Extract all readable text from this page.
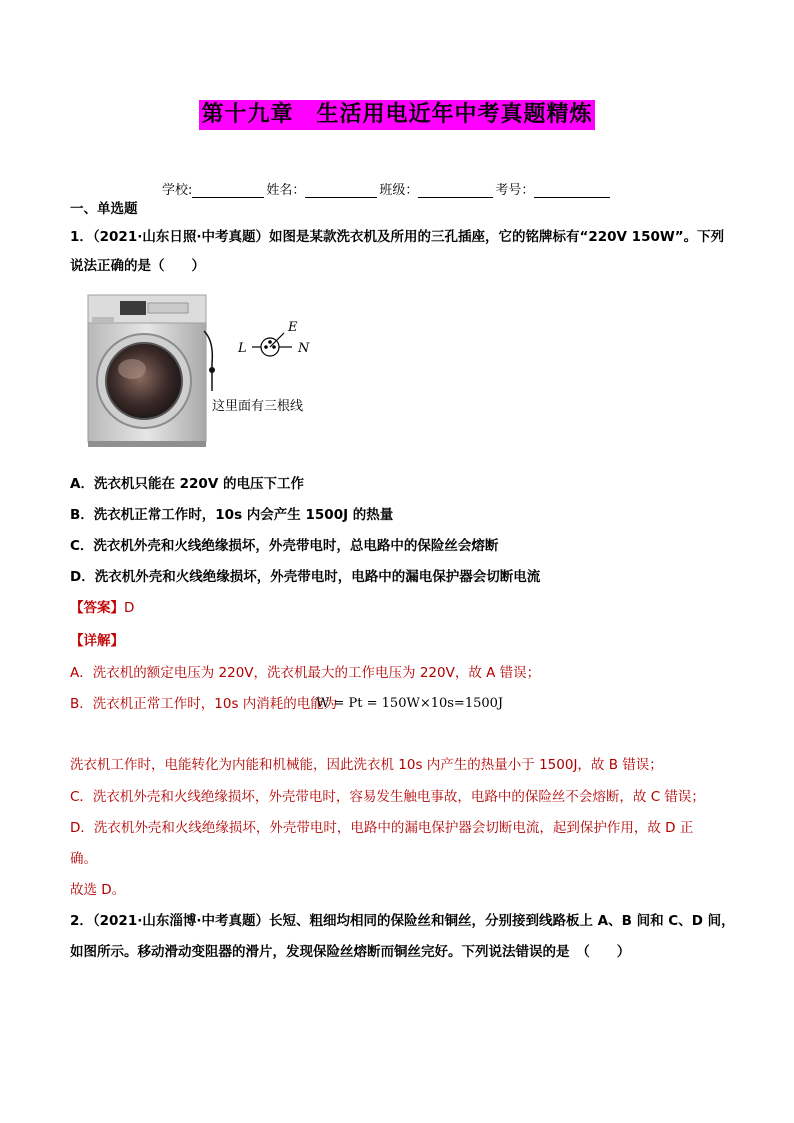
第十九章　生活用电近年中考真题精炼
学校:	姓名：	班级：	考号：
一、单选题
1．（2021·山东日照·中考真题）如图是某款洗衣机及所用的三孔插座，它的铭牌标有“220V 150W”。下列
说法正确的是（　　）
L
E
N
这里面有三根线
A．洗衣机只能在 220V 的电压下工作
B．洗衣机正常工作时，10s 内会产生 1500J 的热量
C．洗衣机外壳和火线绝缘损坏，外壳带电时，总电路中的保险丝会熔断
D．洗衣机外壳和火线绝缘损坏，外壳带电时，电路中的漏电保护器会切断电流
【答案】D
【详解】
A．洗衣机的额定电压为 220V，洗衣机最大的工作电压为 220V，故 A 错误；
B．洗衣机正常工作时，10s 内消耗的电能为
W = Pt = 150W×10s=1500J
洗衣机工作时，电能转化为内能和机械能，因此洗衣机 10s 内产生的热量小于 1500J，故 B 错误；
C．洗衣机外壳和火线绝缘损坏，外壳带电时，容易发生触电事故，电路中的保险丝不会熔断，故 C 错误；
D．洗衣机外壳和火线绝缘损坏，外壳带电时，电路中的漏电保护器会切断电流，起到保护作用，故 D 正
确。
故选 D。
2．（2021·山东淄博·中考真题）长短、粗细均相同的保险丝和铜丝，分别接到线路板上 A、B 间和 C、D 间，
如图所示。移动滑动变阻器的滑片，发现保险丝熔断而铜丝完好。下列说法错误的是　（　　）
